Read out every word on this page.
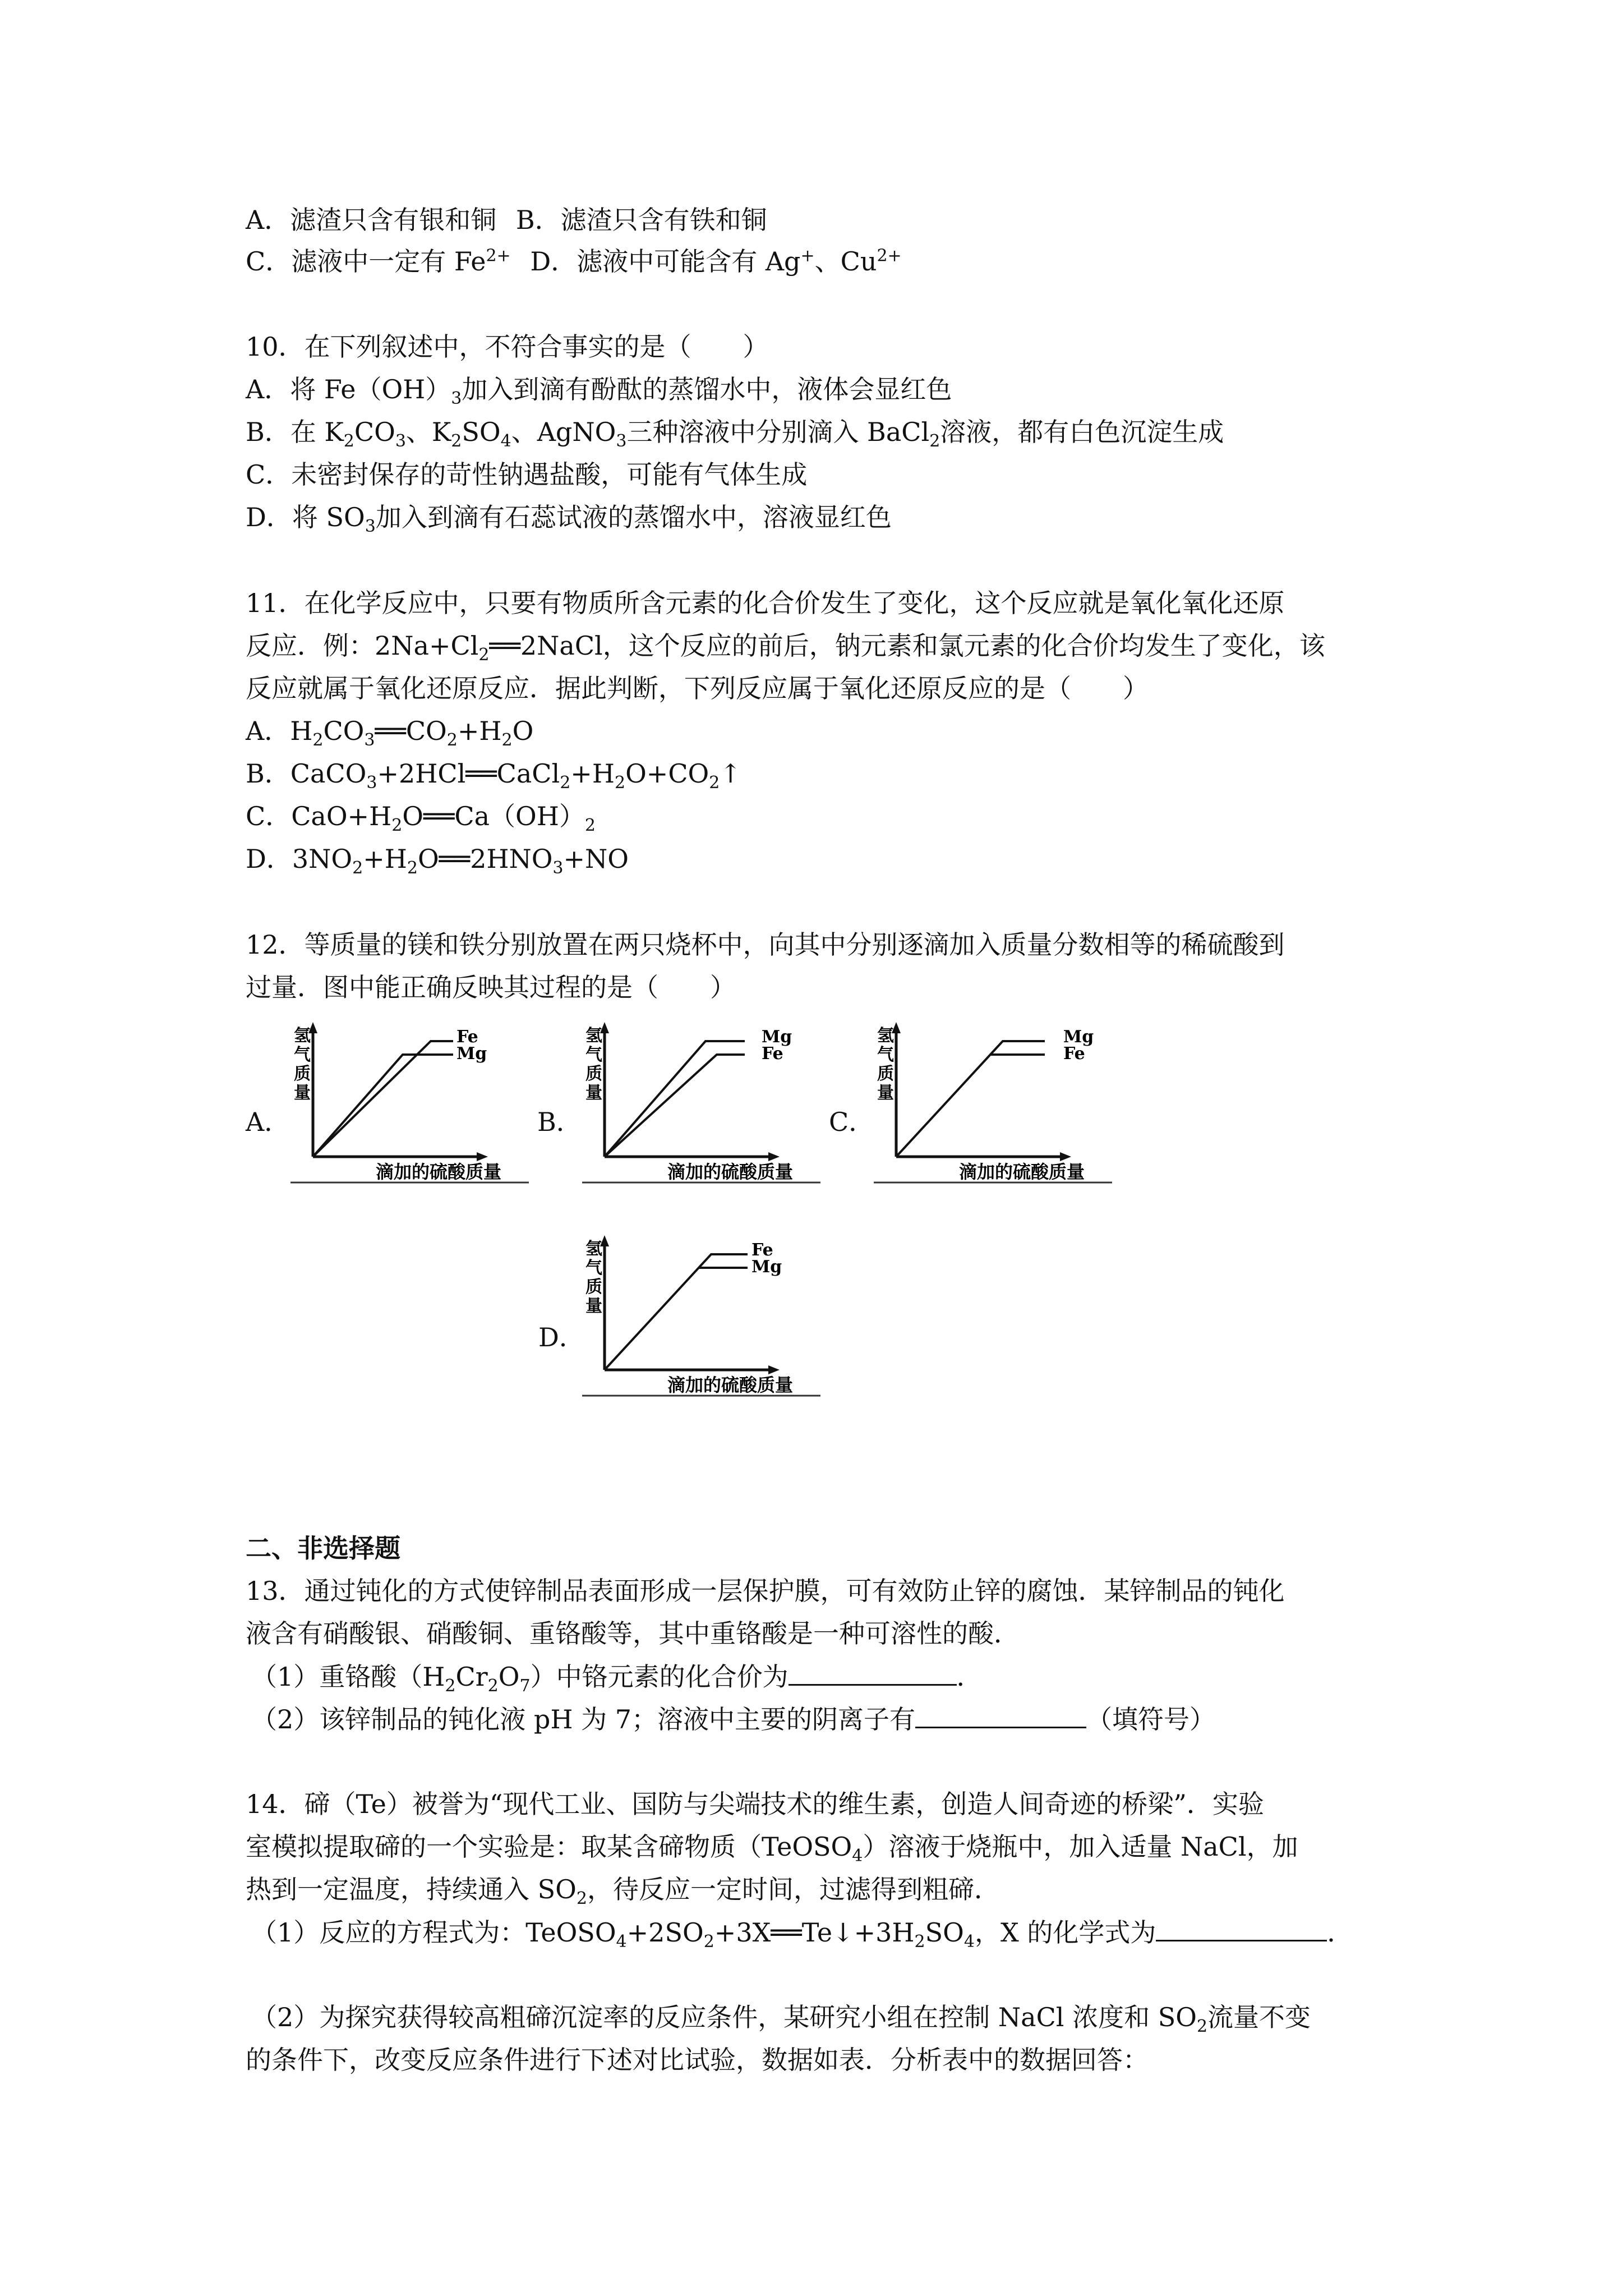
A．滤渣只含有银和铜 B．滤渣只含有铁和铜
C．滤液中一定有 $Fe^{2+}$ D．滤液中可能含有 Ag+、$Cu^{2+}$
10．在下列叙述中，不符合事实的是（　　）
A．将 $Fe(OH)_3$加入到滴有酚酞的蒸馏水中，液体会显红色
B．在 $K_2CO_3$、$K_2SO_4$、AgNO$_3$三种溶液中分别滴入 BaCl$_2$溶液，都有白色沉淀生成
C．未密封保存的苛性钠遇盐酸，可能有气体生成
D．将 $SO_3$加入到滴有石蕊试液的蒸馏水中，溶液显红色
11．在化学反应中，只要有物质所含元素的化合价发生了变化，这个反应就是氧化氧化还原
反应．例：$2Na+Cl_2══2NaCl$，这个反应的前后，钠元素和氯元素的化合价均发生了变化，该
反应就属于氧化还原反应．据此判断，下列反应属于氧化还原反应的是（　　）
A．$H_2CO_3══CO_2+H_2O$
B．$CaCO_3+2HCl══CaCl_2+H_2O+CO_2↑$
C．$CaO+H_2O══Ca(OH)_2$
D．$3NO_2+H_2O══2HNO_3+NO$
12．等质量的镁和铁分别放置在两只烧杯中，向其中分别逐滴加入质量分数相等的稀硫酸到
过量．图中能正确反映其过程的是（　　）
A．	B．	C．
D．
氢气质量
Fe
Mg
滴加的硫酸质量
氢气质量
Mg
Fe
滴加的硫酸质量
氢气质量
Mg
Fe
滴加的硫酸质量
氢气质量
Fe
Mg
滴加的硫酸质量
二、非选择题
13．通过钝化的方式使锌制品表面形成一层保护膜，可有效防止锌的腐蚀．某锌制品的钝化
液含有硝酸银、硝酸铜、重铬酸等，其中重铬酸是一种可溶性的酸．
（1）重铬酸$(H_2Cr_2O_7)$中铬元素的化合价为	．
（2）该锌制品的钝化液 pH 为 7；溶液中主要的阴离子有	（填符号）
14．碲（Te）被誉为“现代工业、国防与尖端技术的维生素，创造人间奇迹的桥梁”．实验
室模拟提取碲的一个实验是：取某含碲物质（TeOSO$_4$）溶液于烧瓶中，加入适量 NaCl，加
热到一定温度，持续通入 $SO_2$，待反应一定时间，过滤得到粗碲．
（1）反应的方程式为：$TeOSO_4+2SO_2+3X══Te↓+3H_2SO_4$，X 的化学式为	．
（2）为探究获得较高粗碲沉淀率的反应条件，某研究小组在控制 NaCl 浓度和 $SO_2$流量不变
的条件下，改变反应条件进行下述对比试验，数据如表．分析表中的数据回答：
